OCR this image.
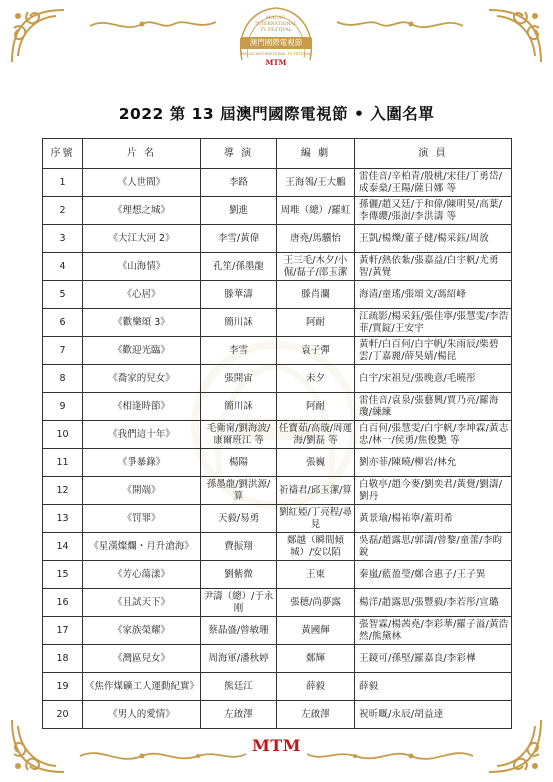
MACAU
INTERNATIONAL
TV FESTIVAL
澳門國際電視節
MACAU INTERNATIONAL TV FESTIVAL
MTM
2022 第 13 屆澳門國際電視節 • 入圍名單
序號	片 名	導 演	編 劇	演 員
1	《人世間》	李路	王海鴒/王大鵬	雷佳音/辛柏青/殷桃/宋佳/丁勇岱/成泰燊/王陽/薩日娜 等
2	《理想之城》	劉進	周唯（總）/羅虹	孫儷/趙又廷/于和偉/陳明昊/高葉/李傳纓/張澍/李洪濤 等
3	《大江大河 2》	李雪/黃偉	唐堯/馬驥怡	王凱/楊爍/董子健/楊采鈺/周放
4	《山海情》	孔笙/孫墨龍	王三毛/木夕/小倔/磊子/邵玉潔	黃軒/熱依紮/張嘉益/白宇帆/尤勇智/黃覺
5	《心居》	滕華濤	滕肖瀾	海清/童瑤/張頌文/馮紹峰
6	《歡樂頌 3》	簡川訸	阿耐	江疏影/楊采鈺/張佳寧/張慧雯/李浩菲/賈錠/王安宇
7	《歡迎光臨》	李雪	袁子彈	黃軒/白百何/白宇帆/朱雨辰/柴碧雲/丁嘉麗/薛昊婧/楊昆
8	《喬家的兒女》	張開宙	未夕	白宇/宋祖兒/張晚意/毛曉彤
9	《相逢時節》	簡川訸	阿耐	雷佳音/袁泉/張藝興/賈乃亮/羅海瓊/練練
10	《我們這十年》	毛衛甯/劉海波/康爾班江 等	任寶茹/高璇/周運海/劉磊 等	白百何/張慧雯/白宇帆/李坤霖/黃志忠/林一/侯勇/焦俊艷 等
11	《爭暴錄》	楊陽	張巍	劉亦菲/陳曉/柳岩/林允
12	《開端》	孫墨龍/劉洪源/算	祈禱君/邱玉潔/算	白敬亭/趙今麥/劉奕君/黃覺/劉濤/劉丹
13	《罚罪》	天毅/易勇	劉紅婭/丁亮程/尋見	黃景瑜/楊祐寧/蓋玥希
14	《星漢燦爛・月升滄海》	費振翔	鄭越（瞬間傾城）/安以陌	吳磊/趙露思/郭濤/曾黎/童蕾/李昀銳
15	《芳心蕩漾》	劉紫微	王東	秦嵐/藍盈瑩/鄭合惠子/王子異
16	《且試天下》	尹濤（總）/于永刚	張穂/尚夢露	楊洋/趙露思/張豐毅/李若彤/宣璐
17	《家族榮耀》	蔡晶盛/曾敏珊	黃國輝	張智霖/楊茜堯/李彩華/羅子溢/黃浩然/熊黛林
18	《灣區兒女》	周海軍/潘秋婷	鄭輝	王鏡可/孫堅/羅嘉良/李彩樺
19	《焦作煤礦工人運動紀實》	熊廷江	薛毅	薛毅
20	《男人的愛情》	左啟澤	左啟澤	祝昕嘅/永辰/胡益達
MTM
